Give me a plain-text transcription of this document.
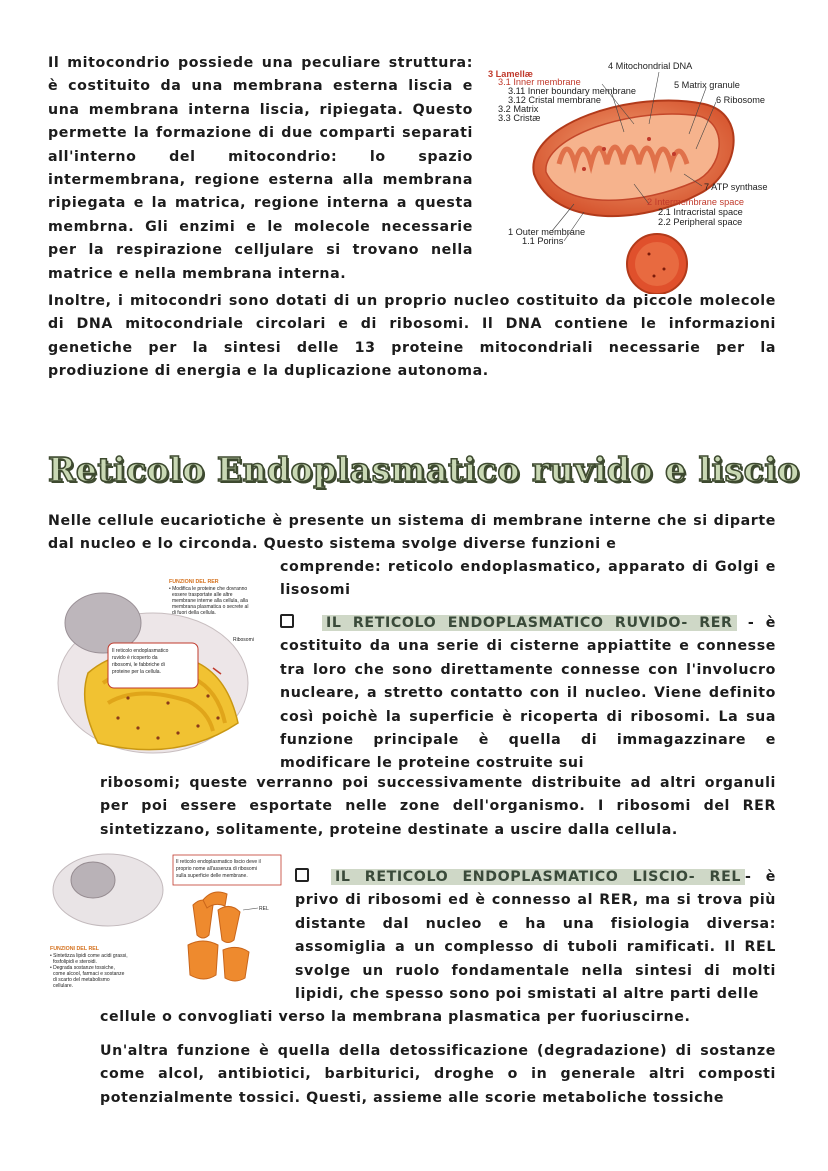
Il mitocondrio possiede una peculiare struttura: è costituito da una membrana esterna liscia e una membrana interna liscia, ripiegata. Questo permette la formazione di due comparti separati all'interno del mitocondrio: lo spazio intermembrana, regione esterna alla membrana ripiegata e la matrica, regione interna a questa membrna. Gli enzimi e le molecole necessarie per la respirazione celljulare si trovano nella matrice e nella membrana interna.

3 Lamellæ
3.1 Inner membrane
3.11 Inner boundary membrane
3.12 Cristal membrane
3.2 Matrix
3.3 Cristæ
4 Mitochondrial DNA
5 Matrix granule
6 Ribosome
7 ATP synthase
2 Intermembrane space
2.1 Intracristal space
2.2 Peripheral space
1 Outer membrane
1.1 Porins

Inoltre, i mitocondri sono dotati di un proprio nucleo costituito da piccole molecole di DNA mitocondriale circolari e di ribosomi. Il DNA contiene le informazioni genetiche per la sintesi delle 13 proteine mitocondriali necessarie per la prodiuzione di energia e la duplicazione autonoma.

Reticolo Endoplasmatico ruvido e liscio

Nelle cellule eucariotiche è presente un sistema di membrane interne che si diparte dal nucleo e lo circonda. Questo sistema svolge diverse funzioni e

comprende: reticolo endoplasmatico, apparato di Golgi e lisosomi

FUNZIONI DEL RER
• Modifica le proteine che dovranno
essere trasportate alle altre
membrane interne alla cellula, alla
membrana plasmatica o secrete al
di fuori della cellula.
Il reticolo endoplasmatico
ruvido è ricoperto da
ribosomi, le fabbriche di
proteine per la cellula.
Ribosomi
IL RETICOLO ENDOPLASMATICO RUVIDO- RER - è costituito da una serie di cisterne appiattite e connesse tra loro che sono direttamente connesse con l'involucro nucleare, a stretto contatto con il nucleo. Viene definito così poichè la superficie è ricoperta di ribosomi. La sua funzione principale è quella di immagazzinare e modificare le proteine costruite sui

ribosomi; queste verranno poi successivamente distribuite ad altri organuli per poi essere esportate nelle zone dell'organismo. I ribosomi del RER sintetizzano, solitamente, proteine destinate a uscire dalla cellula.

FUNZIONI DEL REL
• Sintetizza lipidi come acidi grassi,
fosfolipidi e steroidi.
• Degrada sostanze tossiche,
come alcool, farmaci e sostanze
di scarto del metabolismo
cellulare.
Il reticolo endoplasmatico liscio deve il
proprio nome all'assenza di ribosomi
sulla superficie delle membrane.
REL
IL RETICOLO ENDOPLASMATICO LISCIO- REL - è privo di ribosomi ed è connesso al RER, ma si trova più distante dal nucleo e ha una fisiologia diversa: assomiglia a un complesso di tuboli ramificati. Il REL svolge un ruolo fondamentale nella sintesi di molti lipidi, che spesso sono poi smistati al altre parti delle

cellule o convogliati verso la membrana plasmatica per fuoriuscirne.

Un'altra funzione è quella della detossificazione (degradazione) di sostanze come alcol, antibiotici, barbiturici, droghe o in generale altri composti potenzialmente tossici. Questi, assieme alle scorie metaboliche tossiche
